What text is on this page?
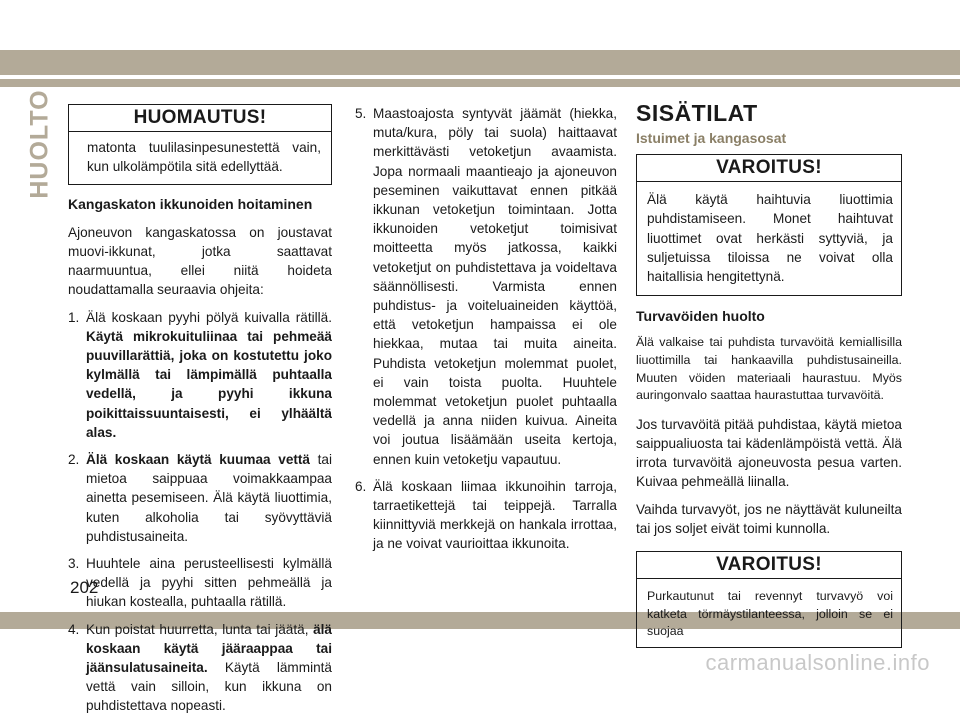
HUOLTO	HUOMAUTUS!
matonta tuulilasinpesunestettä vain, kun ulkolämpötila sitä edellyttää.

Kangaskaton ikkunoiden hoitaminen

Ajoneuvon kangaskatossa on joustavat muovi-ikkunat, jotka saattavat naarmuuntua, ellei niitä hoideta noudattamalla seuraavia ohjeita:

1. Älä koskaan pyyhi pölyä kuivalla rätillä. Käytä mikrokuituliinaa tai pehmeää puuvillarättiä, joka on kostutettu joko kylmällä tai lämpimällä puhtaalla vedellä, ja pyyhi ikkuna poikittaissuuntaisesti, ei ylhäältä alas.
2. Älä koskaan käytä kuumaa vettä tai mietoa saippuaa voimakkaampaa ainetta pesemiseen. Älä käytä liuottimia, kuten alkoholia tai syövyttäviä puhdistusaineita.
3. Huuhtele aina perusteellisesti kylmällä vedellä ja pyyhi sitten pehmeällä ja hiukan kostealla, puhtaalla rätillä.
4. Kun poistat huurretta, lunta tai jäätä, älä koskaan käytä jääraappaa tai jäänsulatusaineita. Käytä lämmintä vettä vain silloin, kun ikkuna on puhdistettava nopeasti.
5. Maastoajosta syntyvät jäämät (hiekka, muta/kura, pöly tai suola) haittaavat merkittävästi vetoketjun avaamista. Jopa normaali maantieajo ja ajoneuvon peseminen vaikuttavat ennen pitkää ikkunan vetoketjun toimintaan. Jotta ikkunoiden vetoketjut toimisivat moitteetta myös jatkossa, kaikki vetoketjut on puhdistettava ja voideltava säännöllisesti. Varmista ennen puhdistus- ja voiteluaineiden käyttöä, että vetoketjun hampaissa ei ole hiekkaa, mutaa tai muita aineita. Puhdista vetoketjun molemmat puolet, ei vain toista puolta. Huuhtele molemmat vetoketjun puolet puhtaalla vedellä ja anna niiden kuivua. Aineita voi joutua lisäämään useita kertoja, ennen kuin vetoketju vapautuu.
6. Älä koskaan liimaa ikkunoihin tarroja, tarraetikettejä tai teippejä. Tarralla kiinnittyviä merkkejä on hankala irrottaa, ja ne voivat vaurioittaa ikkunoita.
SISÄTILAT
Istuimet ja kangasosat
VAROITUS!
Älä käytä haihtuvia liuottimia puhdistamiseen. Monet haihtuvat liuottimet ovat herkästi syttyviä, ja suljetuissa tiloissa ne voivat olla haitallisia hengitettynä.

Turvavöiden huolto

Älä valkaise tai puhdista turvavöitä kemiallisilla liuottimilla tai hankaavilla puhdistusaineilla. Muuten vöiden materiaali haurastuu. Myös auringonvalo saattaa haurastuttaa turvavöitä.

Jos turvavöitä pitää puhdistaa, käytä mietoa saippualiuosta tai kädenlämpöistä vettä. Älä irrota turvavöitä ajoneuvosta pesua varten. Kuivaa pehmeällä liinalla.

Vaihda turvavyöt, jos ne näyttävät kuluneilta tai jos soljet eivät toimi kunnolla.

VAROITUS!
Purkautunut tai revennyt turvavyö voi katketa törmäystilanteessa, jolloin se ei suojaa
202
carmanualsonline.info
